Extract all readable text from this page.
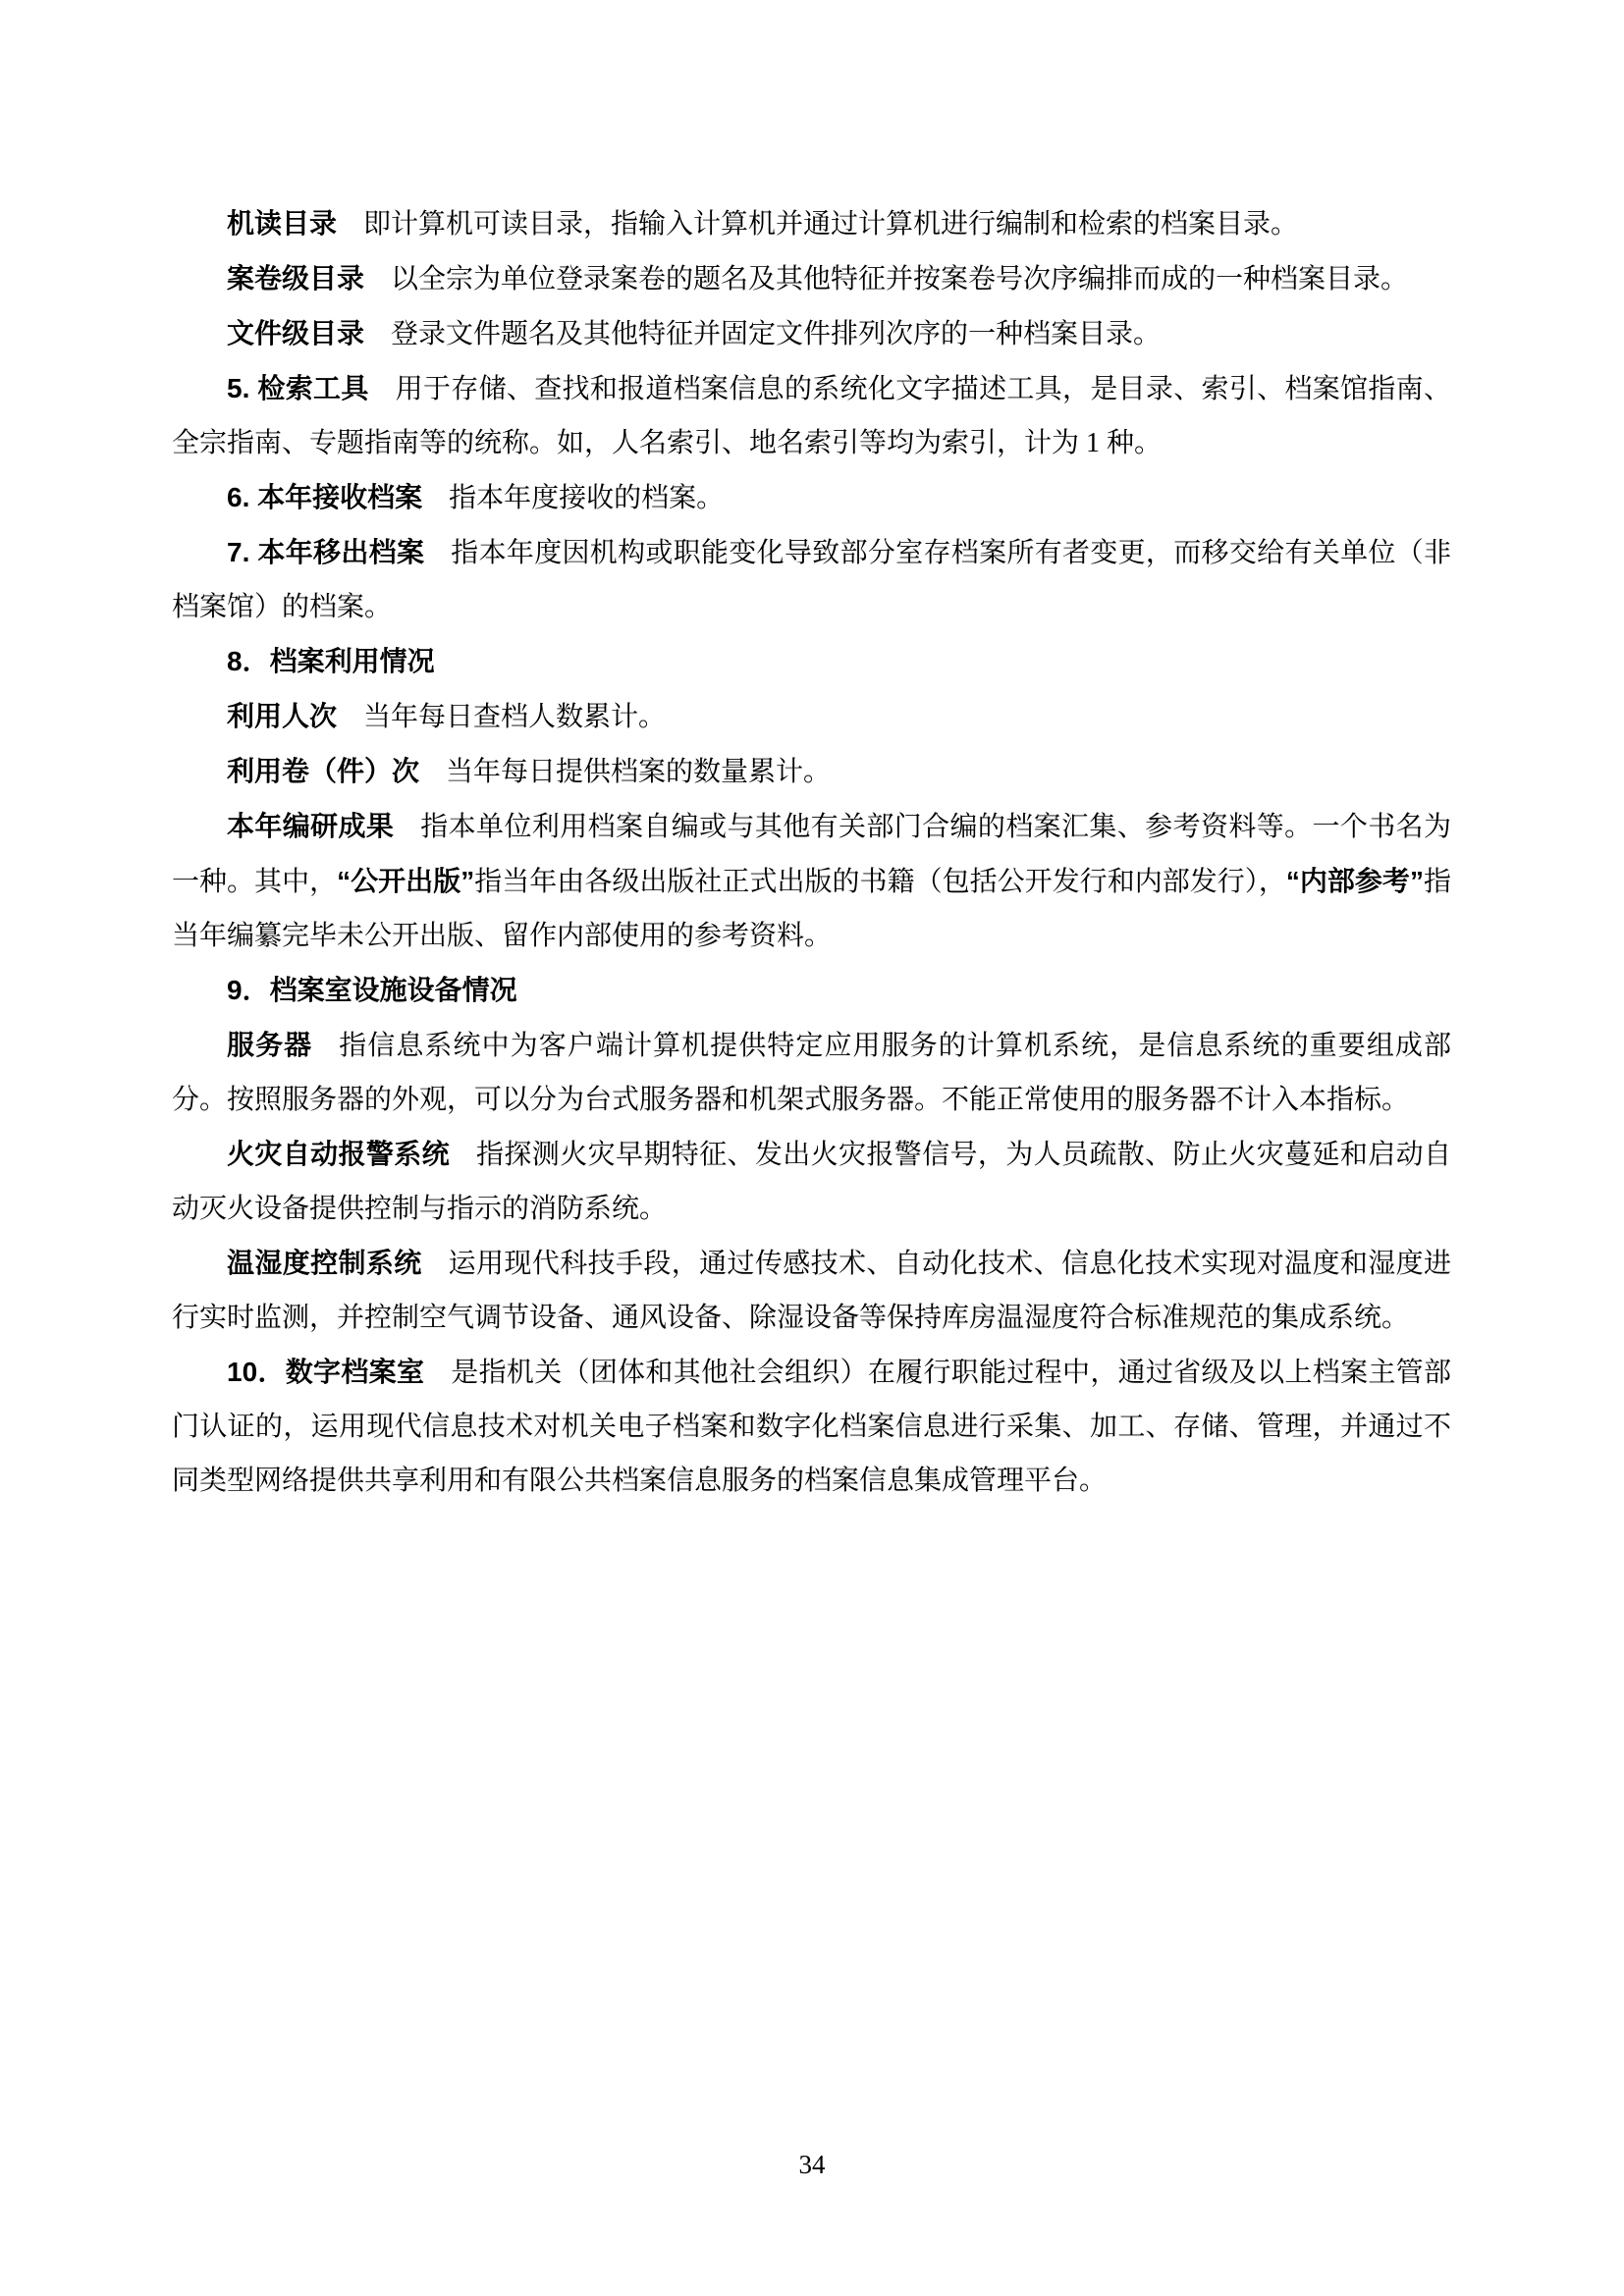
机读目录 即计算机可读目录，指输入计算机并通过计算机进行编制和检索的档案目录。

案卷级目录 以全宗为单位登录案卷的题名及其他特征并按案卷号次序编排而成的一种档案目录。

文件级目录 登录文件题名及其他特征并固定文件排列次序的一种档案目录。

5. 检索工具 用于存储、查找和报道档案信息的系统化文字描述工具，是目录、索引、档案馆指南、全宗指南、专题指南等的统称。如，人名索引、地名索引等均为索引，计为 1 种。

6. 本年接收档案 指本年度接收的档案。

7. 本年移出档案 指本年度因机构或职能变化导致部分室存档案所有者变更，而移交给有关单位（非档案馆）的档案。

8．档案利用情况

利用人次 当年每日查档人数累计。

利用卷（件）次 当年每日提供档案的数量累计。

本年编研成果 指本单位利用档案自编或与其他有关部门合编的档案汇集、参考资料等。一个书名为一种。其中，“公开出版”指当年由各级出版社正式出版的书籍（包括公开发行和内部发行），“内部参考”指当年编纂完毕未公开出版、留作内部使用的参考资料。

9．档案室设施设备情况

服务器 指信息系统中为客户端计算机提供特定应用服务的计算机系统，是信息系统的重要组成部分。按照服务器的外观，可以分为台式服务器和机架式服务器。不能正常使用的服务器不计入本指标。

火灾自动报警系统 指探测火灾早期特征、发出火灾报警信号，为人员疏散、防止火灾蔓延和启动自动灭火设备提供控制与指示的消防系统。

温湿度控制系统 运用现代科技手段，通过传感技术、自动化技术、信息化技术实现对温度和湿度进行实时监测，并控制空气调节设备、通风设备、除湿设备等保持库房温湿度符合标准规范的集成系统。

10．数字档案室 是指机关（团体和其他社会组织）在履行职能过程中，通过省级及以上档案主管部门认证的，运用现代信息技术对机关电子档案和数字化档案信息进行采集、加工、存储、管理，并通过不同类型网络提供共享利用和有限公共档案信息服务的档案信息集成管理平台。

34
